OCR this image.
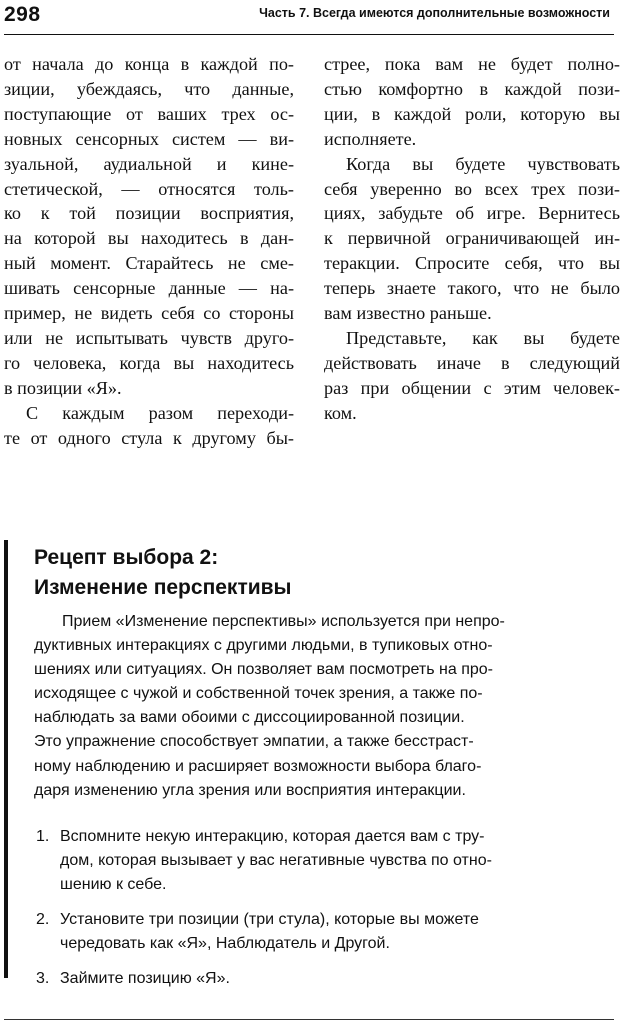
298	Часть 7. Всегда имеются дополнительные возможности
от начала до конца в каждой по-
зиции, убеждаясь, что данные,
поступающие от ваших трех ос-
новных сенсорных систем — ви-
зуальной, аудиальной и кине-
стетической, — относятся толь-
ко к той позиции восприятия,
на которой вы находитесь в дан-
ный момент. Старайтесь не сме-
шивать сенсорные данные — на-
пример, не видеть себя со стороны
или не испытывать чувств друго-
го человека, когда вы находитесь
в позиции «Я».
С каждым разом переходи-
те от одного стула к другому бы-
стрее, пока вам не будет полно-
стью комфортно в каждой пози-
ции, в каждой роли, которую вы
исполняете.
Когда вы будете чувствовать
себя уверенно во всех трех пози-
циях, забудьте об игре. Вернитесь
к первичной ограничивающей ин-
теракции. Спросите себя, что вы
теперь знаете такого, что не было
вам известно раньше.
Представьте, как вы будете
действовать иначе в следующий
раз при общении с этим человек-
ком.
Рецепт выбора 2:
Изменение перспективы
Прием «Изменение перспективы» используется при непро-
дуктивных интеракциях с другими людьми, в тупиковых отно-
шениях или ситуациях. Он позволяет вам посмотреть на про-
исходящее с чужой и собственной точек зрения, а также по-
наблюдать за вами обоими с диссоциированной позиции.
Это упражнение способствует эмпатии, а также бесстраст-
ному наблюдению и расширяет возможности выбора благо-
даря изменению угла зрения или восприятия интеракции.
1. Вспомните некую интеракцию, которая дается вам с тру-
дом, которая вызывает у вас негативные чувства по отно-
шению к себе.
2. Установите три позиции (три стула), которые вы можете
чередовать как «Я», Наблюдатель и Другой.
3. Займите позицию «Я».
